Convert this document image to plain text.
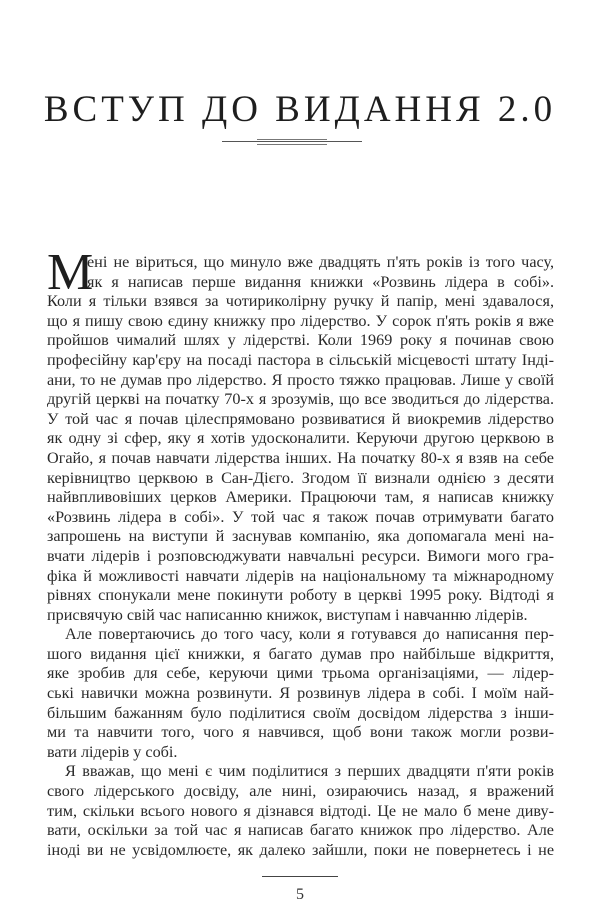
ВСТУП ДО ВИДАННЯ 2.0
М
ені не віриться, що минуло вже двадцять п'ять років із того часу,
як я написав перше видання книжки «Розвинь лідера в собі».
Коли я тільки взявся за чотириколірну ручку й папір, мені здавалося,
що я пишу свою єдину книжку про лідерство. У сорок п'ять років я вже
пройшов чималий шлях у лідерстві. Коли 1969 року я починав свою
професійну кар'єру на посаді пастора в сільській місцевості штату Інді-
ани, то не думав про лідерство. Я просто тяжко працював. Лише у своїй
другій церкві на початку 70-х я зрозумів, що все зводиться до лідерства.
У той час я почав цілеспрямовано розвиватися й виокремив лідерство
як одну зі сфер, яку я хотів удосконалити. Керуючи другою церквою в
Огайо, я почав навчати лідерства інших. На початку 80-х я взяв на себе
керівництво церквою в Сан-Дієго. Згодом її визнали однією з десяти
найвпливовіших церков Америки. Працюючи там, я написав книжку
«Розвинь лідера в собі». У той час я також почав отримувати багато
запрошень на виступи й заснував компанію, яка допомагала мені на-
вчати лідерів і розповсюджувати навчальні ресурси. Вимоги мого гра-
фіка й можливості навчати лідерів на національному та міжнародному
рівнях спонукали мене покинути роботу в церкві 1995 року. Відтоді я
присвячую свій час написанню книжок, виступам і навчанню лідерів.
Але повертаючись до того часу, коли я готувався до написання пер-
шого видання цієї книжки, я багато думав про найбільше відкриття,
яке зробив для себе, керуючи цими трьома організаціями, — лідер-
ські навички можна розвинути. Я розвинув лідера в собі. І моїм най-
більшим бажанням було поділитися своїм досвідом лідерства з інши-
ми та навчити того, чого я навчився, щоб вони також могли розви-
вати лідерів у собі.
Я вважав, що мені є чим поділитися з перших двадцяти п'яти років
свого лідерського досвіду, але нині, озираючись назад, я вражений
тим, скільки всього нового я дізнався відтоді. Це не мало б мене диву-
вати, оскільки за той час я написав багато книжок про лідерство. Але
іноді ви не усвідомлюєте, як далеко зайшли, поки не повернетесь і не
5
